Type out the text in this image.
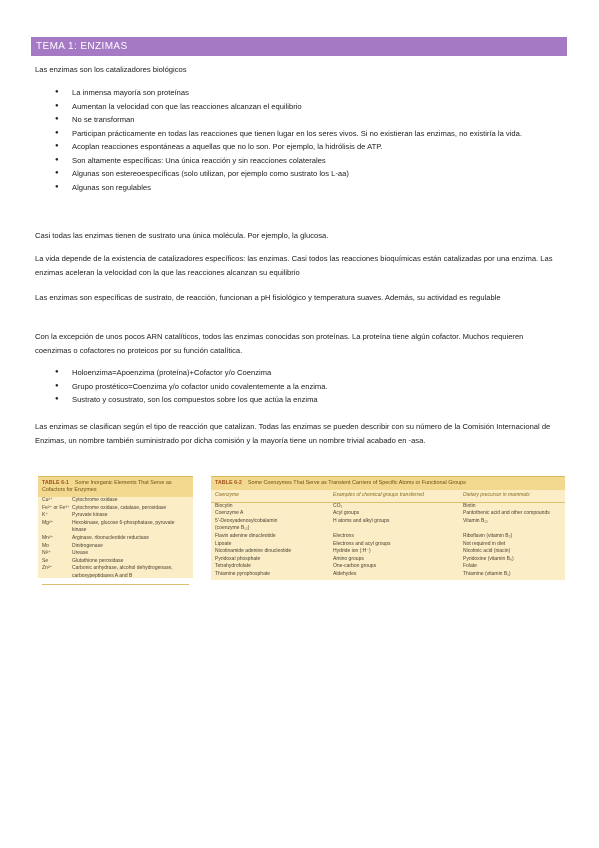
TEMA 1: ENZIMAS

Las enzimas son los catalizadores biológicos

● La inmensa mayoría son proteínas
● Aumentan la velocidad con que las reacciones alcanzan el equilibrio
● No se transforman
● Participan prácticamente en todas las reacciones que tienen lugar en los seres vivos. Si no existieran las enzimas, no existiría la vida.
● Acoplan reacciones espontáneas a aquellas que no lo son. Por ejemplo, la hidrólisis de ATP.
● Son altamente específicas: Una única reacción y sin reacciones colaterales
● Algunas son estereoespecíficas (solo utilizan, por ejemplo como sustrato los L-aa)
● Algunas son regulables

Casi todas las enzimas tienen de sustrato una única molécula. Por ejemplo, la glucosa.

La vida depende de la existencia de catalizadores específicos: las enzimas. Casi todos las reacciones bioquímicas están catalizadas por una enzima. Las enzimas aceleran la velocidad con la que las reacciones alcanzan su equilibrio

Las enzimas son específicas de sustrato, de reacción, funcionan a pH fisiológico y temperatura suaves. Además, su actividad es regulable

Con la excepción de unos pocos ARN catalíticos, todos las enzimas conocidas son proteínas. La proteína tiene algún cofactor. Muchos requieren coenzimas o cofactores no proteicos por su función catalítica.

● Holoenzima=Apoenzima (proteína)+Cofactor y/o Coenzima
● Grupo prostético=Coenzima y/o cofactor unido covalentemente a la enzima.
● Sustrato y cosustrato, son los compuestos sobre los que actúa la enzima

Las enzimas se clasifican según el tipo de reacción que catalizan. Todas las enzimas se pueden describir con su número de la Comisión Internacional de Enzimas, un nombre también suministrado por dicha comisión y la mayoría tiene un nombre trivial acabado en -asa.

TABLE 6-1 Some Inorganic Elements That Serve as Cofactors for Enzymes
Cu²⁺	Cytochrome oxidase
Fe²⁺ or Fe³⁺ Cytochrome oxidase, catalase, peroxidase
K⁺	Pyruvate kinase
Mg²⁺	Hexokinase, glucose 6-phosphatase, pyruvate kinase
Mn²⁺	Arginase, ribonucleotide reductase
Mo	Dinitrogenase
Ni²⁺	Urease
Se	Glutathione peroxidase
Zn²⁺	Carbonic anhydrase, alcohol dehydrogenase, carboxypeptidases A and B
TABLE 6-2 Some Coenzymes That Serve as Transient Carriers of Specific Atoms or Functional Groups
Coenzyme	Examples of chemical groups transferred	Dietary precursor in mammals
Biocytin	CO₂	Biotin
Coenzyme A	Acyl groups	Pantothenic acid and other compounds
5'-Deoxyadenosylcobalamin	H atoms and alkyl groups	Vitamin B₁₂
(coenzyme B₁₂)
Flavin adenine dinucleotide	Electrons	Riboflavin (vitamin B₂)
Lipoate	Electrons and acyl groups	Not required in diet
Nicotinamide adenine dinucleotide	Hydride ion (:H⁻)	Nicotinic acid (niacin)
Pyridoxal phosphate	Amino groups	Pyridoxine (vitamin B₆)
Tetrahydrofolate	One-carbon groups	Folate
Thiamine pyrophosphate	Aldehydes	Thiamine (vitamin B₁)
